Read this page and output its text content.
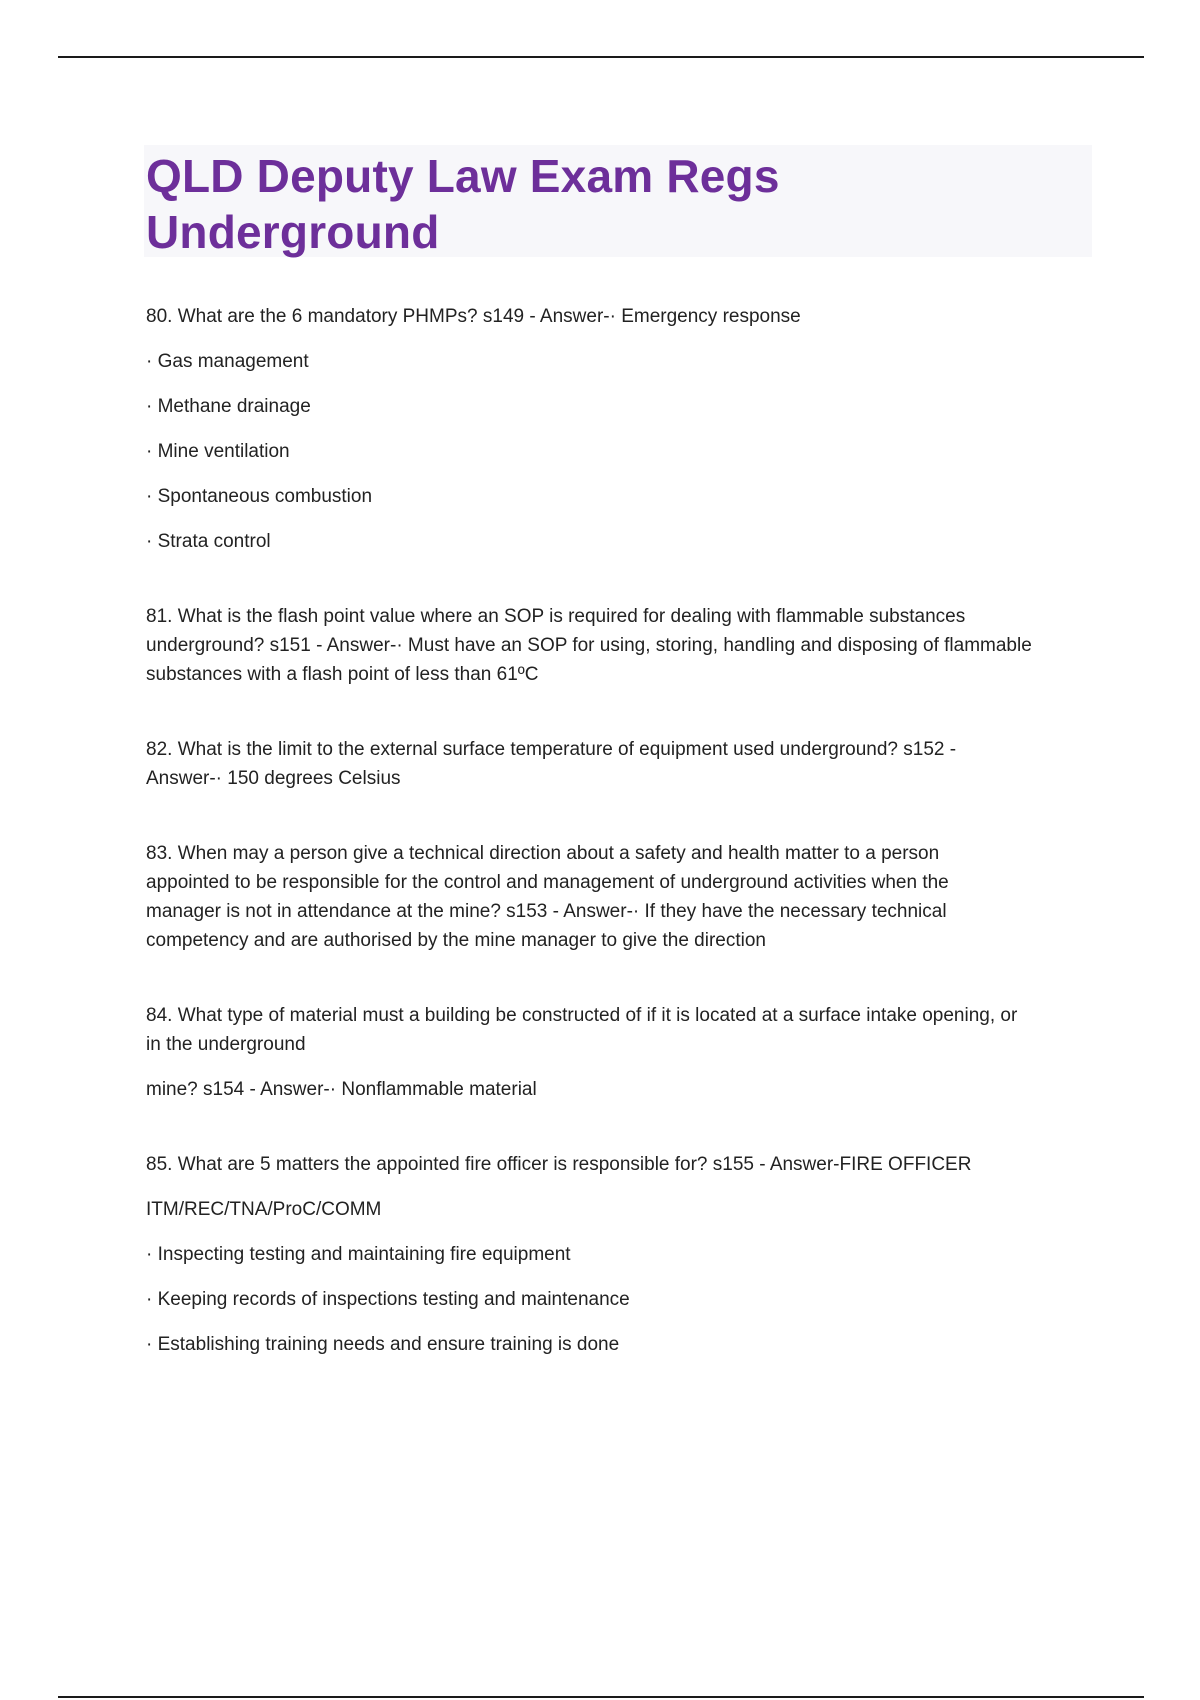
QLD Deputy Law Exam Regs
Underground

80. What are the 6 mandatory PHMPs? s149 - Answer-· Emergency response

· Gas management

· Methane drainage

· Mine ventilation

· Spontaneous combustion

· Strata control

81. What is the flash point value where an SOP is required for dealing with flammable substances

underground? s151 - Answer-· Must have an SOP for using, storing, handling and disposing of flammable

substances with a flash point of less than 61ºC

82. What is the limit to the external surface temperature of equipment used underground? s152 -

Answer-· 150 degrees Celsius

83. When may a person give a technical direction about a safety and health matter to a person

appointed to be responsible for the control and management of underground activities when the

manager is not in attendance at the mine? s153 - Answer-· If they have the necessary technical

competency and are authorised by the mine manager to give the direction

84. What type of material must a building be constructed of if it is located at a surface intake opening, or

in the underground

mine? s154 - Answer-· Nonflammable material

85. What are 5 matters the appointed fire officer is responsible for? s155 - Answer-FIRE OFFICER

ITM/REC/TNA/ProC/COMM

· Inspecting testing and maintaining fire equipment

· Keeping records of inspections testing and maintenance

· Establishing training needs and ensure training is done
